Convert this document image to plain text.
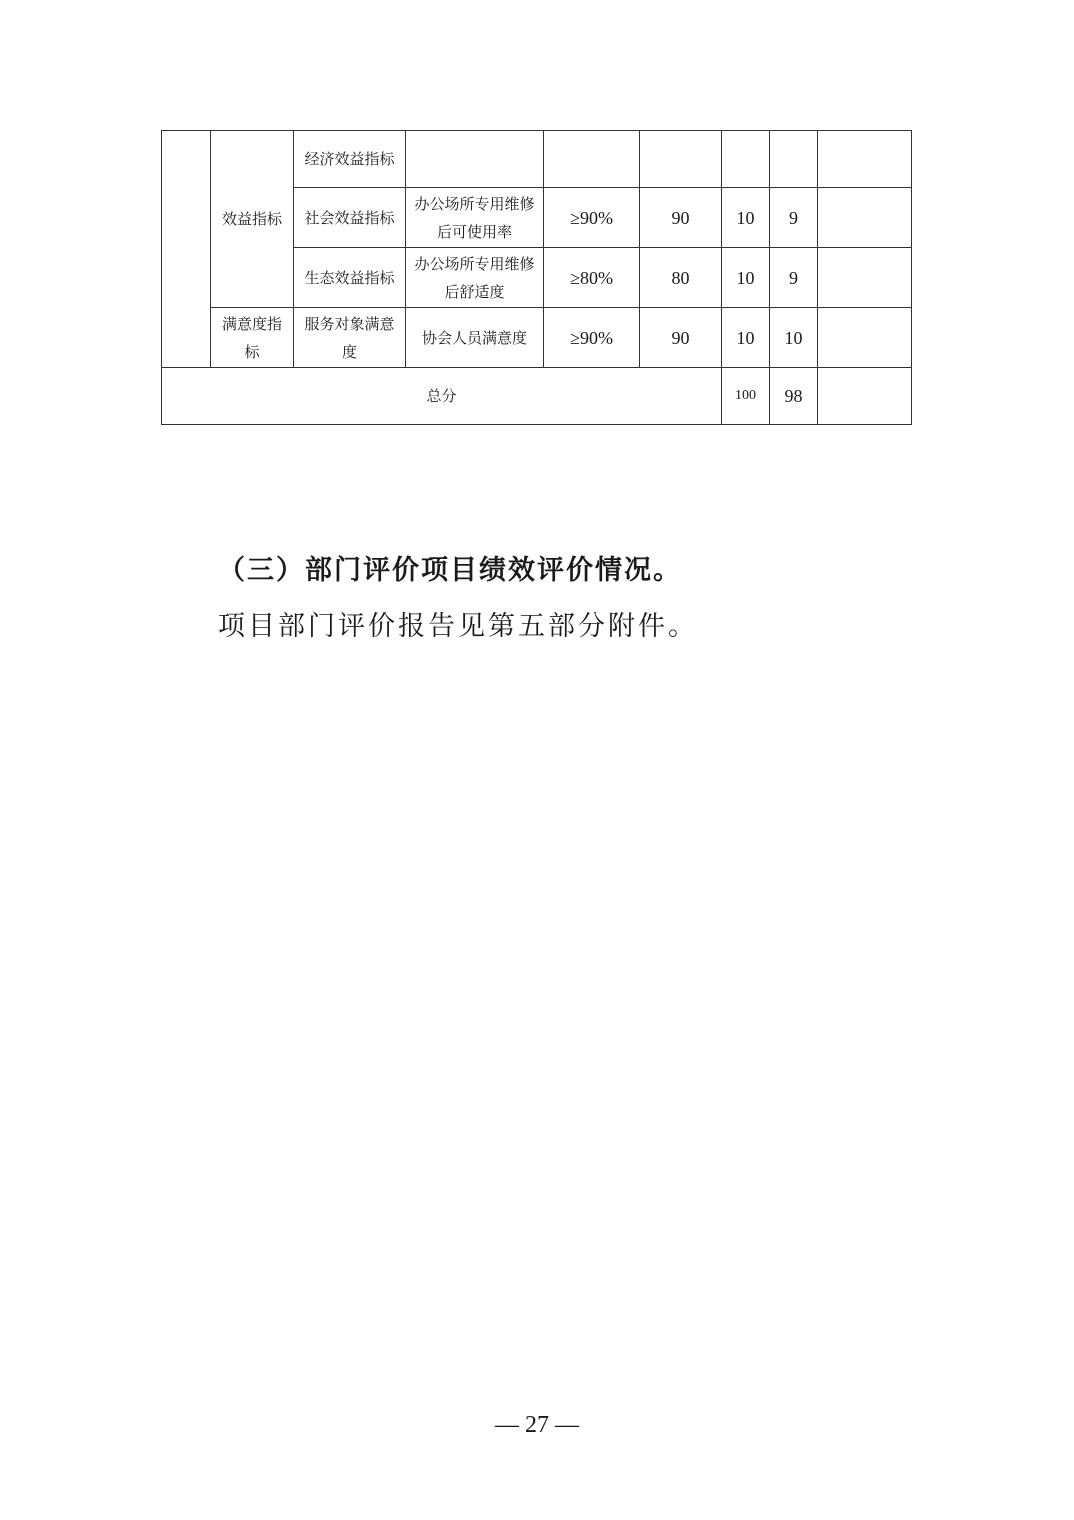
	效益指标	经济效益指标						
		社会效益指标	办公场所专用维修后可使用率	≥90%	90	10	9	
		生态效益指标	办公场所专用维修后舒适度	≥80%	80	10	9	
	满意度指标	服务对象满意度	协会人员满意度	≥90%	90	10	10	
总分						100	98	
（三）部门评价项目绩效评价情况。
项目部门评价报告见第五部分附件。
— 27 —
